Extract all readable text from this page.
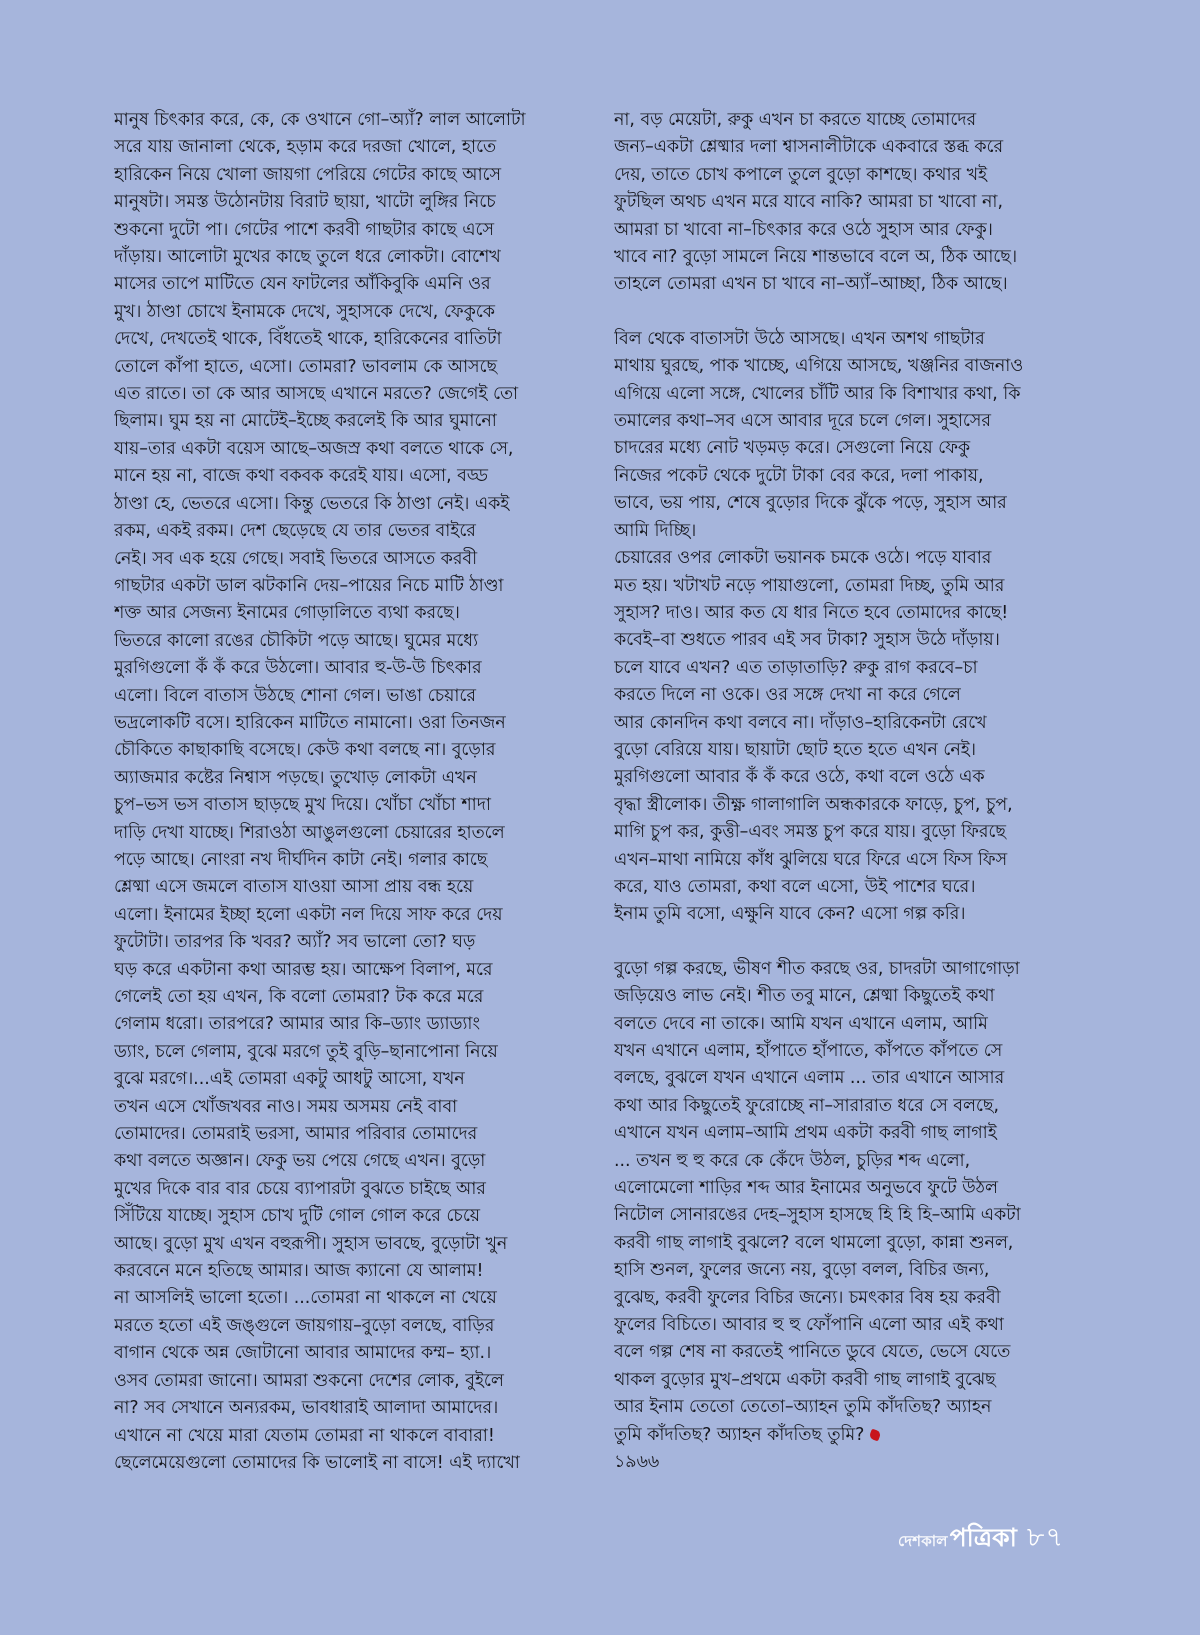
মানুষ চিৎকার করে, কে, কে ওখানে গো–অ্যাঁ? লাল আলোটা
সরে যায় জানালা থেকে, হড়াম করে দরজা খোলে, হাতে
হারিকেন নিয়ে খোলা জায়গা পেরিয়ে গেটের কাছে আসে
মানুষটা। সমস্ত উঠোনটায় বিরাট ছায়া, খাটো লুঙ্গির নিচে
শুকনো দুটো পা। গেটের পাশে করবী গাছটার কাছে এসে
দাঁড়ায়। আলোটা মুখের কাছে তুলে ধরে লোকটা। বোশেখ
মাসের তাপে মাটিতে যেন ফাটলের আঁকিবুকি এমনি ওর
মুখ। ঠাণ্ডা চোখে ইনামকে দেখে, সুহাসকে দেখে, ফেকুকে
দেখে, দেখতেই থাকে, বিঁধতেই থাকে, হারিকেনের বাতিটা
তোলে কাঁপা হাতে, এসো। তোমরা? ভাবলাম কে আসছে
এত রাতে। তা কে আর আসছে এখানে মরতে? জেগেই তো
ছিলাম। ঘুম হয় না মোটেই–ইচ্ছে করলেই কি আর ঘুমানো
যায়–তার একটা বয়েস আছে–অজস্র কথা বলতে থাকে সে,
মানে হয় না, বাজে কথা বকবক করেই যায়। এসো, বড্ড
ঠাণ্ডা হে, ভেতরে এসো। কিন্তু ভেতরে কি ঠাণ্ডা নেই। একই
রকম, একই রকম। দেশ ছেড়েছে যে তার ভেতর বাইরে
নেই। সব এক হয়ে গেছে। সবাই ভিতরে আসতে করবী
গাছটার একটা ডাল ঝটকানি দেয়–পায়ের নিচে মাটি ঠাণ্ডা
শক্ত আর সেজন্য ইনামের গোড়ালিতে ব্যথা করছে।
ভিতরে কালো রঙের চৌকিটা পড়ে আছে। ঘুমের মধ্যে
মুরগিগুলো কঁ কঁ করে উঠলো। আবার হু-উ-উ চিৎকার
এলো। বিলে বাতাস উঠছে শোনা গেল। ভাঙা চেয়ারে
ভদ্রলোকটি বসে। হারিকেন মাটিতে নামানো। ওরা তিনজন
চৌকিতে কাছাকাছি বসেছে। কেউ কথা বলছে না। বুড়োর
অ্যাজমার কষ্টের নিশ্বাস পড়ছে। তুখোড় লোকটা এখন
চুপ–ভস ভস বাতাস ছাড়ছে মুখ দিয়ে। খোঁচা খোঁচা শাদা
দাড়ি দেখা যাচ্ছে। শিরাওঠা আঙুলগুলো চেয়ারের হাতলে
পড়ে আছে। নোংরা নখ দীর্ঘদিন কাটা নেই। গলার কাছে
শ্লেষ্মা এসে জমলে বাতাস যাওয়া আসা প্রায় বন্ধ হয়ে
এলো। ইনামের ইচ্ছা হলো একটা নল দিয়ে সাফ করে দেয়
ফুটোটা। তারপর কি খবর? অ্যাঁ? সব ভালো তো? ঘড়
ঘড় করে একটানা কথা আরম্ভ হয়। আক্ষেপ বিলাপ, মরে
গেলেই তো হয় এখন, কি বলো তোমরা? টক করে মরে
গেলাম ধরো। তারপরে? আমার আর কি–ড্যাং ড্যাড্যাং
ড্যাং, চলে গেলাম, বুঝে মরগে তুই বুড়ি–ছানাপোনা নিয়ে
বুঝে মরগে।...এই তোমরা একটু আধটু আসো, যখন
তখন এসে খোঁজখবর নাও। সময় অসময় নেই বাবা
তোমাদের। তোমরাই ভরসা, আমার পরিবার তোমাদের
কথা বলতে অজ্ঞান। ফেকু ভয় পেয়ে গেছে এখন। বুড়ো
মুখের দিকে বার বার চেয়ে ব্যাপারটা বুঝতে চাইছে আর
সিঁটিয়ে যাচ্ছে। সুহাস চোখ দুটি গোল গোল করে চেয়ে
আছে। বুড়ো মুখ এখন বহুরূপী। সুহাস ভাবছে, বুড়োটা খুন
করবেনে মনে হতিছে আমার। আজ ক্যানো যে আলাম!
না আসলিই ভালো হতো। ...তোমরা না থাকলে না খেয়ে
মরতে হতো এই জঙ্গুলে জায়গায়–বুড়ো বলছে, বাড়ির
বাগান থেকে অন্ন জোটানো আবার আমাদের কম্ম– হ্যা.।
ওসব তোমরা জানো। আমরা শুকনো দেশের লোক, বুইলে
না? সব সেখানে অন্যরকম, ভাবধারাই আলাদা আমাদের।
এখানে না খেয়ে মারা যেতাম তোমরা না থাকলে বাবারা!
ছেলেমেয়েগুলো তোমাদের কি ভালোই না বাসে! এই দ্যাখো

না, বড় মেয়েটা, রুকু এখন চা করতে যাচ্ছে তোমাদের
জন্য–একটা শ্লেষ্মার দলা শ্বাসনালীটাকে একবারে স্তব্ধ করে
দেয়, তাতে চোখ কপালে তুলে বুড়ো কাশছে। কথার খই
ফুটছিল অথচ এখন মরে যাবে নাকি? আমরা চা খাবো না,
আমরা চা খাবো না–চিৎকার করে ওঠে সুহাস আর ফেকু।
খাবে না? বুড়ো সামলে নিয়ে শান্তভাবে বলে অ, ঠিক আছে।
তাহলে তোমরা এখন চা খাবে না–অ্যাঁ–আচ্ছা, ঠিক আছে।

বিল থেকে বাতাসটা উঠে আসছে। এখন অশথ গাছটার
মাথায় ঘুরছে, পাক খাচ্ছে, এগিয়ে আসছে, খঞ্জনির বাজনাও
এগিয়ে এলো সঙ্গে, খোলের চাঁটি আর কি বিশাখার কথা, কি
তমালের কথা–সব এসে আবার দূরে চলে গেল। সুহাসের
চাদরের মধ্যে নোট খড়মড় করে। সেগুলো নিয়ে ফেকু
নিজের পকেট থেকে দুটো টাকা বের করে, দলা পাকায়,
ভাবে, ভয় পায়, শেষে বুড়োর দিকে ঝুঁকে পড়ে, সুহাস আর
আমি দিচ্ছি।

চেয়ারের ওপর লোকটা ভয়ানক চমকে ওঠে। পড়ে যাবার
মত হয়। খটাখট নড়ে পায়াগুলো, তোমরা দিচ্ছ, তুমি আর
সুহাস? দাও। আর কত যে ধার নিতে হবে তোমাদের কাছে!
কবেই–বা শুধতে পারব এই সব টাকা? সুহাস উঠে দাঁড়ায়।
চলে যাবে এখন? এত তাড়াতাড়ি? রুকু রাগ করবে–চা
করতে দিলে না ওকে। ওর সঙ্গে দেখা না করে গেলে
আর কোনদিন কথা বলবে না। দাঁড়াও–হারিকেনটা রেখে
বুড়ো বেরিয়ে যায়। ছায়াটা ছোট হতে হতে এখন নেই।
মুরগিগুলো আবার কঁ কঁ করে ওঠে, কথা বলে ওঠে এক
বৃদ্ধা স্ত্রীলোক। তীক্ষ্ণ গালাগালি অন্ধকারকে ফাড়ে, চুপ, চুপ,
মাগি চুপ কর, কুত্তী–এবং সমস্ত চুপ করে যায়। বুড়ো ফিরছে
এখন–মাথা নামিয়ে কাঁধ ঝুলিয়ে ঘরে ফিরে এসে ফিস ফিস
করে, যাও তোমরা, কথা বলে এসো, উই পাশের ঘরে।
ইনাম তুমি বসো, এক্ষুনি যাবে কেন? এসো গল্প করি।

বুড়ো গল্প করছে, ভীষণ শীত করছে ওর, চাদরটা আগাগোড়া
জড়িয়েও লাভ নেই। শীত তবু মানে, শ্লেষ্মা কিছুতেই কথা
বলতে দেবে না তাকে। আমি যখন এখানে এলাম, আমি
যখন এখানে এলাম, হাঁপাতে হাঁপাতে, কাঁপতে কাঁপতে সে
বলছে, বুঝলে যখন এখানে এলাম ... তার এখানে আসার
কথা আর কিছুতেই ফুরোচ্ছে না–সারারাত ধরে সে বলছে,
এখানে যখন এলাম–আমি প্রথম একটা করবী গাছ লাগাই
... তখন হু হু করে কে কেঁদে উঠল, চুড়ির শব্দ এলো,
এলোমেলো শাড়ির শব্দ আর ইনামের অনুভবে ফুটে উঠল
নিটোল সোনারঙের দেহ–সুহাস হাসছে হি হি হি–আমি একটা
করবী গাছ লাগাই বুঝলে? বলে থামলো বুড়ো, কান্না শুনল,
হাসি শুনল, ফুলের জন্যে নয়, বুড়ো বলল, বিচির জন্য,
বুঝেছ, করবী ফুলের বিচির জন্যে। চমৎকার বিষ হয় করবী
ফুলের বিচিতে। আবার হু হু ফোঁপানি এলো আর এই কথা
বলে গল্প শেষ না করতেই পানিতে ডুবে যেতে, ভেসে যেতে
থাকল বুড়োর মুখ–প্রথমে একটা করবী গাছ লাগাই বুঝেছ
আর ইনাম তেতো তেতো–অ্যাহন তুমি কাঁদতিছ? অ্যাহন
তুমি কাঁদতিছ? অ্যাহন কাঁদতিছ তুমি?

১৯৬৬

দেশকাল পত্রিকা ৮৭
